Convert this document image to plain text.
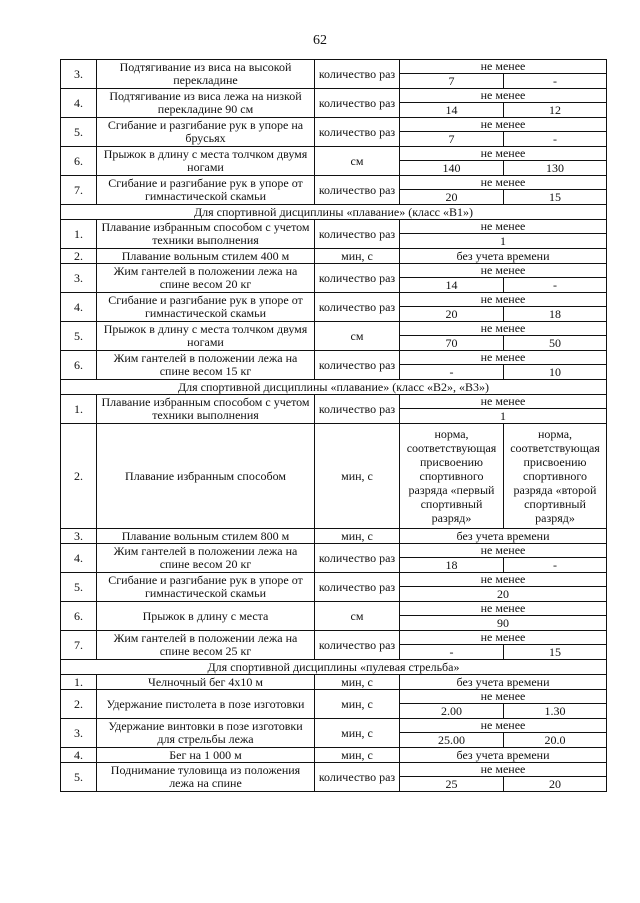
62
3.	Подтягивание из виса на высокой перекладине	количество раз	не менее	
			7	-
4.	Подтягивание из виса лежа на низкой перекладине 90 см	количество раз	не менее	
			14	12
5.	Сгибание и разгибание рук в упоре на брусьях	количество раз	не менее	
			7	-
6.	Прыжок в длину с места толчком двумя ногами	см	не менее	
			140	130
7.	Сгибание и разгибание рук в упоре от гимнастической скамьи	количество раз	не менее	
			20	15
Для спортивной дисциплины «плавание» (класс «В1»)				
1.	Плавание избранным способом с учетом техники выполнения	количество раз	не менее	
			1	
2.	Плавание вольным стилем 400 м	мин, с	без учета времени	
3.	Жим гантелей в положении лежа на спине весом 20 кг	количество раз	не менее	
			14	-
4.	Сгибание и разгибание рук в упоре от гимнастической скамьи	количество раз	не менее	
			20	18
5.	Прыжок в длину с места толчком двумя ногами	см	не менее	
			70	50
6.	Жим гантелей в положении лежа на спине весом 15 кг	количество раз	не менее	
			-	10
Для спортивной дисциплины «плавание» (класс «В2», «В3»)				
1.	Плавание избранным способом с учетом техники выполнения	количество раз	не менее	
			1	
2.	Плавание избранным способом	мин, с	норма, соответствующая присвоению спортивного разряда «первый спортивный разряд»	норма, соответствующая присвоению спортивного разряда «второй спортивный разряд»
3.	Плавание вольным стилем 800 м	мин, с	без учета времени	
4.	Жим гантелей в положении лежа на спине весом 20 кг	количество раз	не менее	
			18	-
5.	Сгибание и разгибание рук в упоре от гимнастической скамьи	количество раз	не менее	
			20	
6.	Прыжок в длину с места	см	не менее	
			90	
7.	Жим гантелей в положении лежа на спине весом 25 кг	количество раз	не менее	
			-	15
Для спортивной дисциплины «пулевая стрельба»				
1.	Челночный бег 4х10 м	мин, с	без учета времени	
2.	Удержание пистолета в позе изготовки	мин, с	не менее	
			2.00	1.30
3.	Удержание винтовки в позе изготовки для стрельбы лежа	мин, с	не менее	
			25.00	20.0
4.	Бег на 1 000 м	мин, с	без учета времени	
5.	Поднимание туловища из положения лежа на спине	количество раз	не менее	
			25	20
